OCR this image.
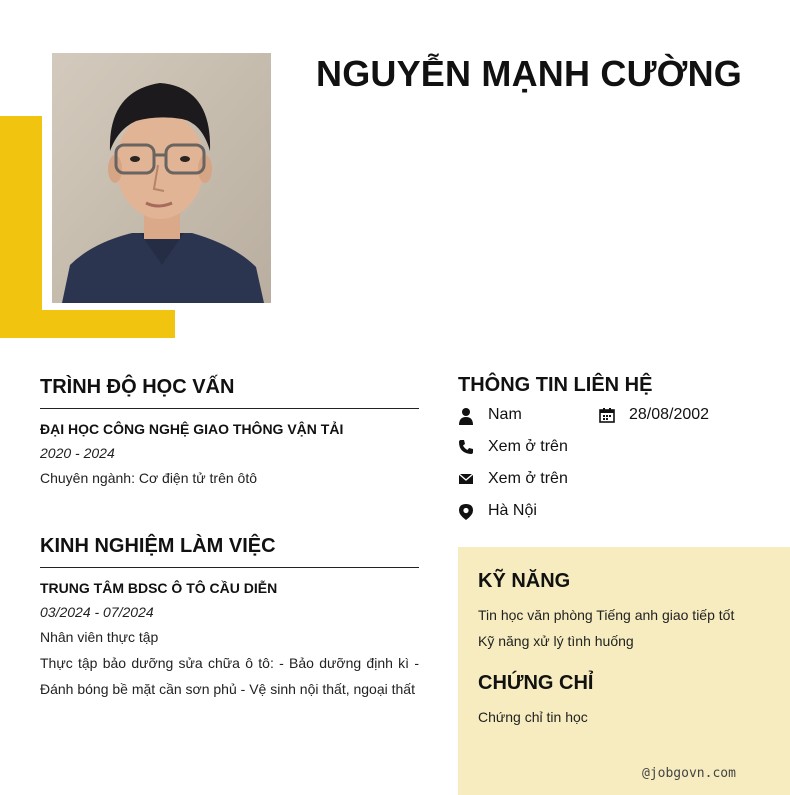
NGUYỄN MẠNH CƯỜNG
TRÌNH ĐỘ HỌC VẤN
ĐẠI HỌC CÔNG NGHỆ GIAO THÔNG VẬN TẢI
2020 - 2024
Chuyên ngành: Cơ điện tử trên ôtô
KINH NGHIỆM LÀM VIỆC
TRUNG TÂM BDSC Ô TÔ CẦU DIỄN
03/2024 - 07/2024
Nhân viên thực tập
Thực tập bảo dưỡng sửa chữa ô tô: - Bảo dưỡng định kì - Đánh bóng bề mặt cần sơn phủ - Vệ sinh nội thất, ngoại thất
THÔNG TIN LIÊN HỆ
Nam	28/08/2002
Xem ở trên
Xem ở trên
Hà Nội
KỸ NĂNG
Tin học văn phòng Tiếng anh giao tiếp tốt
Kỹ năng xử lý tình huống
CHỨNG CHỈ
Chứng chỉ tin học
@jobgovn.com
